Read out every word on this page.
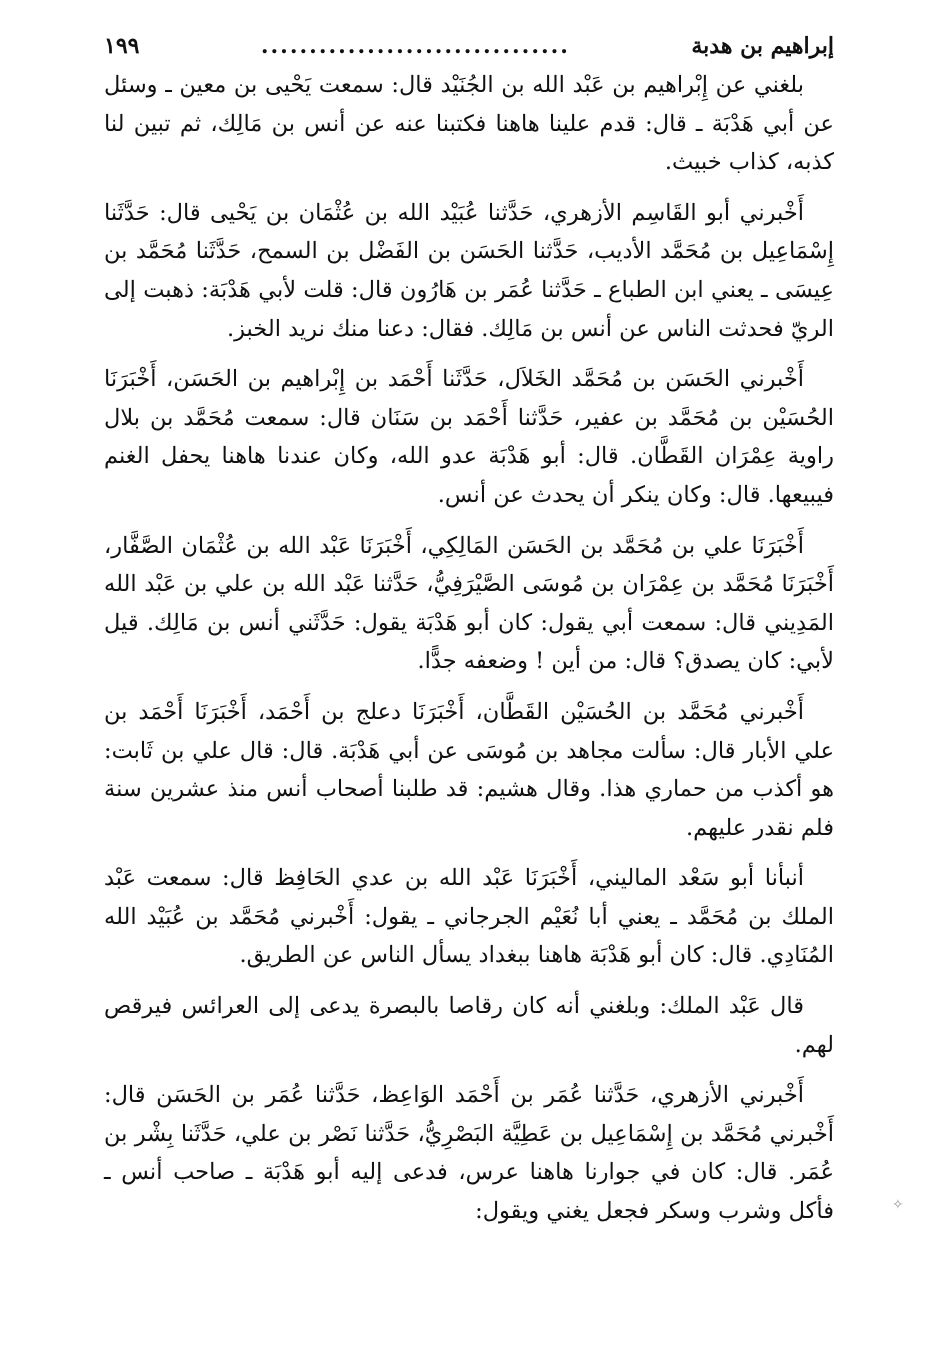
إبراهيم بن هدبة
................................
١٩٩

بلغني عن إِبْراهيم بن عَبْد الله بن الجُنَيْد قال: سمعت يَحْيى بن معين ـ وسئل عن أبي هَدْبَة ـ قال: قدم علينا هاهنا فكتبنا عنه عن أنس بن مَالِك، ثم تبين لنا كذبه، كذاب خبيث.

أَخْبرني أبو القَاسِم الأزهري، حَدَّثنا عُبَيْد الله بن عُثْمَان بن يَحْيى قال: حَدَّثَنا إِسْمَاعِيل بن مُحَمَّد الأديب، حَدَّثنا الحَسَن بن الفَضْل بن السمح، حَدَّثَنا مُحَمَّد بن عِيسَى ـ يعني ابن الطباع ـ حَدَّثنا عُمَر بن هَارُون قال: قلت لأبي هَدْبَة: ذهبت إلى الريّ فحدثت الناس عن أنس بن مَالِك. فقال: دعنا منك نريد الخبز.

أَخْبرني الحَسَن بن مُحَمَّد الخَلاَل، حَدَّثَنا أَحْمَد بن إِبْراهيم بن الحَسَن، أَخْبَرَنَا الحُسَيْن بن مُحَمَّد بن عفير، حَدَّثنا أَحْمَد بن سَنَان قال: سمعت مُحَمَّد بن بلال راوية عِمْرَان القَطَّان. قال: أبو هَدْبَة عدو الله، وكان عندنا هاهنا يحفل الغنم فيبيعها. قال: وكان ينكر أن يحدث عن أنس.

أَخْبَرَنَا علي بن مُحَمَّد بن الحَسَن المَالِكِي، أَخْبَرَنَا عَبْد الله بن عُثْمَان الصَّفَّار، أَخْبَرَنَا مُحَمَّد بن عِمْرَان بن مُوسَى الصَّيْرَفِيُّ، حَدَّثنا عَبْد الله بن علي بن عَبْد الله المَدِيني قال: سمعت أبي يقول: كان أبو هَدْبَة يقول: حَدَّثَني أنس بن مَالِك. قيل لأبي: كان يصدق؟ قال: من أين ! وضعفه جدًّا.

أَخْبرني مُحَمَّد بن الحُسَيْن القَطَّان، أَخْبَرَنَا دعلج بن أَحْمَد، أَخْبَرَنَا أَحْمَد بن علي الأبار قال: سألت مجاهد بن مُوسَى عن أبي هَدْبَة. قال: قال علي بن ثَابت: هو أكذب من حماري هذا. وقال هشيم: قد طلبنا أصحاب أنس منذ عشرين سنة فلم نقدر عليهم.

أنبأنا أبو سَعْد الماليني، أَخْبَرَنَا عَبْد الله بن عدي الحَافِظ قال: سمعت عَبْد الملك بن مُحَمَّد ـ يعني أبا نُعَيْم الجرجاني ـ يقول: أَخْبرني مُحَمَّد بن عُبَيْد الله المُنَادِي. قال: كان أبو هَدْبَة هاهنا ببغداد يسأل الناس عن الطريق.

قال عَبْد الملك: وبلغني أنه كان رقاصا بالبصرة يدعى إلى العرائس فيرقص لهم.

أَخْبرني الأزهري، حَدَّثنا عُمَر بن أَحْمَد الوَاعِظ، حَدَّثنا عُمَر بن الحَسَن قال: أَخْبرني مُحَمَّد بن إِسْمَاعِيل بن عَطِيَّة البَصْرِيُّ، حَدَّثنا نَصْر بن علي، حَدَّثَنا بِشْر بن عُمَر. قال: كان في جوارنا هاهنا عرس، فدعى إليه أبو هَدْبَة ـ صاحب أنس ـ فأكل وشرب وسكر فجعل يغني ويقول:	✧
